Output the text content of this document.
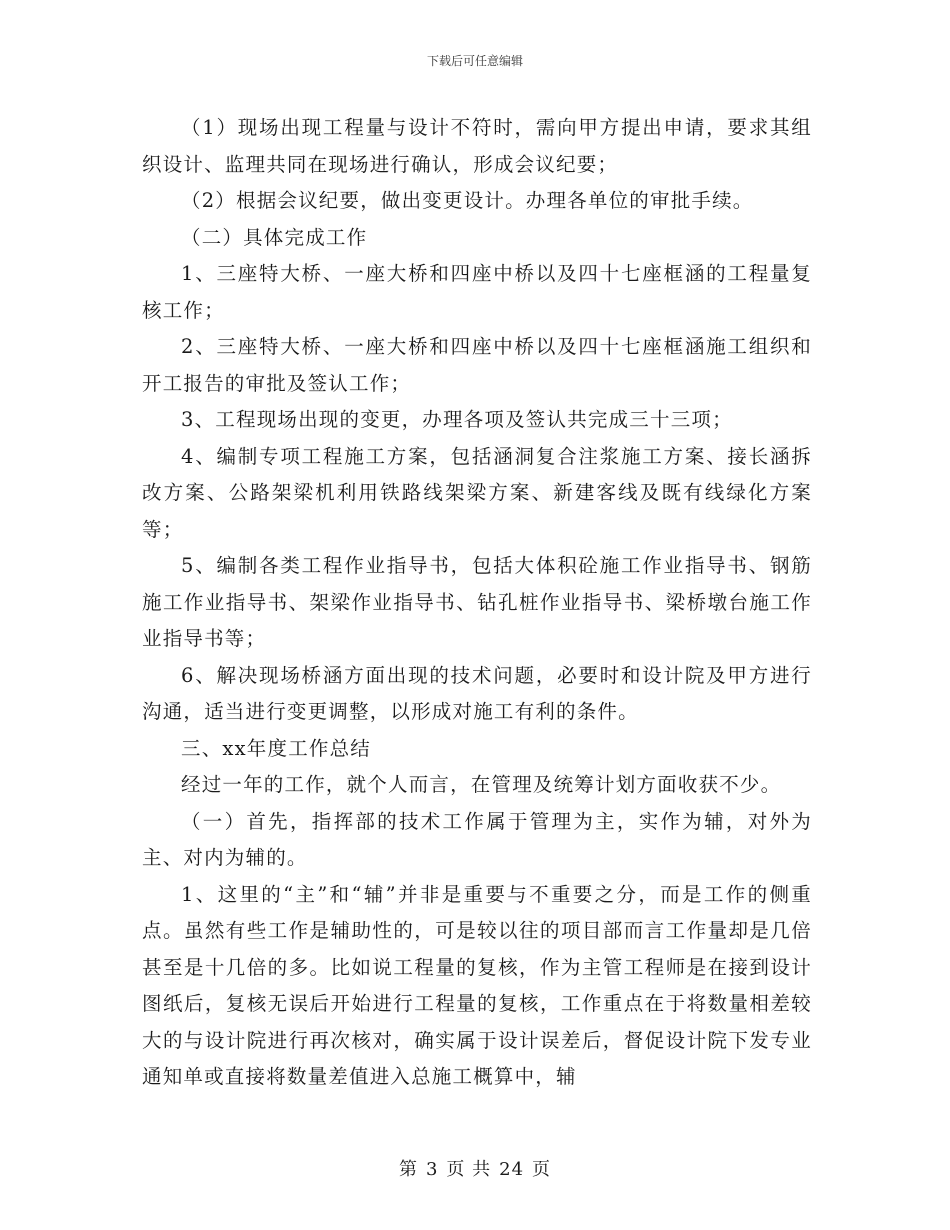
下载后可任意编辑

（1）现场出现工程量与设计不符时，需向甲方提出申请，要求其组织设计、监理共同在现场进行确认，形成会议纪要；

（2）根据会议纪要，做出变更设计。办理各单位的审批手续。

（二）具体完成工作

1、三座特大桥、一座大桥和四座中桥以及四十七座框涵的工程量复核工作；

2、三座特大桥、一座大桥和四座中桥以及四十七座框涵施工组织和开工报告的审批及签认工作；

3、工程现场出现的变更，办理各项及签认共完成三十三项；

4、编制专项工程施工方案，包括涵洞复合注浆施工方案、接长涵拆改方案、公路架梁机利用铁路线架梁方案、新建客线及既有线绿化方案等；

5、编制各类工程作业指导书，包括大体积砼施工作业指导书、钢筋施工作业指导书、架梁作业指导书、钻孔桩作业指导书、梁桥墩台施工作业指导书等；

6、解决现场桥涵方面出现的技术问题，必要时和设计院及甲方进行沟通，适当进行变更调整，以形成对施工有利的条件。

三、xx年度工作总结

经过一年的工作，就个人而言，在管理及统筹计划方面收获不少。

（一）首先，指挥部的技术工作属于管理为主，实作为辅，对外为主、对内为辅的。

1、这里的“主”和“辅”并非是重要与不重要之分，而是工作的侧重点。虽然有些工作是辅助性的，可是较以往的项目部而言工作量却是几倍甚至是十几倍的多。比如说工程量的复核，作为主管工程师是在接到设计图纸后，复核无误后开始进行工程量的复核，工作重点在于将数量相差较大的与设计院进行再次核对，确实属于设计误差后，督促设计院下发专业通知单或直接将数量差值进入总施工概算中，辅

第 3 页 共 24 页
